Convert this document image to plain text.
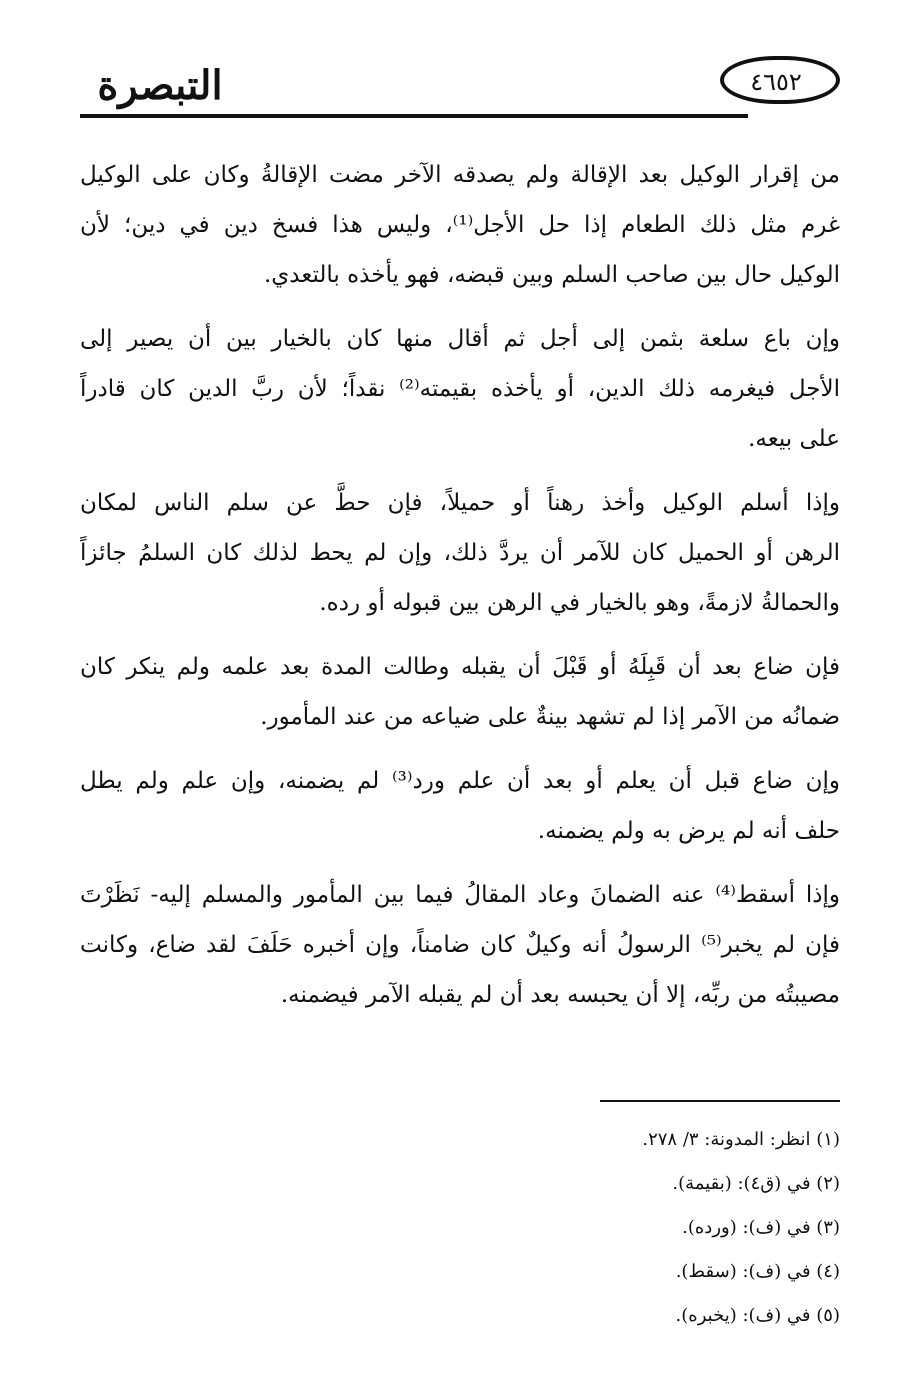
التبصرة	٤٦٥٢

من إقرار الوكيل بعد الإقالة ولم يصدقه الآخر مضت الإقالةُ وكان على الوكيل
غرم مثل ذلك الطعام إذا حل الأجل⁽¹⁾، وليس هذا فسخ دين في دين؛ لأن
الوكيل حال بين صاحب السلم وبين قبضه، فهو يأخذه بالتعدي.

وإن باع سلعة بثمن إلى أجل ثم أقال منها كان بالخيار بين أن يصير إلى
الأجل فيغرمه ذلك الدين، أو يأخذه بقيمته⁽²⁾ نقداً؛ لأن ربَّ الدين كان قادراً
على بيعه.

وإذا أسلم الوكيل وأخذ رهناً أو حميلاً، فإن حطَّ عن سلم الناس لمكان
الرهن أو الحميل كان للآمر أن يردَّ ذلك، وإن لم يحط لذلك كان السلمُ جائزاً
والحمالةُ لازمةً، وهو بالخيار في الرهن بين قبوله أو رده.

فإن ضاع بعد أن قَبِلَهُ أو قَبْلَ أن يقبله وطالت المدة بعد علمه ولم ينكر كان
ضمانُه من الآمر إذا لم تشهد بينةٌ على ضياعه من عند المأمور.

وإن ضاع قبل أن يعلم أو بعد أن علم ورد⁽³⁾ لم يضمنه، وإن علم ولم يطل
حلف أنه لم يرض به ولم يضمنه.

وإذا أسقط⁽⁴⁾ عنه الضمانَ وعاد المقالُ فيما بين المأمور والمسلم إليه- نَظَرْتَ
فإن لم يخبر⁽⁵⁾ الرسولُ أنه وكيلٌ كان ضامناً، وإن أخبره حَلَفَ لقد ضاع، وكانت
مصيبتُه من ربِّه، إلا أن يحبسه بعد أن لم يقبله الآمر فيضمنه.

(١) انظر: المدونة: ٣/ ٢٧٨.
(٢) في (ق٤): (بقيمة).
(٣) في (ف): (ورده).
(٤) في (ف): (سقط).
(٥) في (ف): (يخبره).
